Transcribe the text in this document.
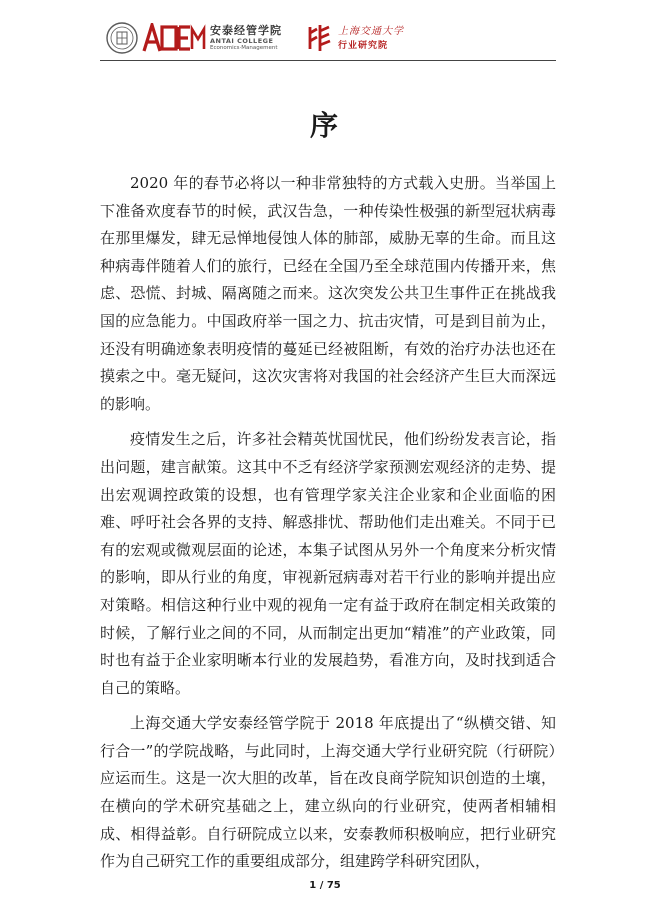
安泰经管学院
ANTAI COLLEGE
Economics·Management
上海交通大学
行业研究院
序

2020 年的春节必将以一种非常独特的方式载入史册。当举国上下准备欢度春节的时候，武汉告急，一种传染性极强的新型冠状病毒在那里爆发，肆无忌惮地侵蚀人体的肺部，威胁无辜的生命。而且这种病毒伴随着人们的旅行，已经在全国乃至全球范围内传播开来，焦虑、恐慌、封城、隔离随之而来。这次突发公共卫生事件正在挑战我国的应急能力。中国政府举一国之力、抗击灾情，可是到目前为止，还没有明确迹象表明疫情的蔓延已经被阻断，有效的治疗办法也还在摸索之中。毫无疑问，这次灾害将对我国的社会经济产生巨大而深远的影响。

疫情发生之后，许多社会精英忧国忧民，他们纷纷发表言论，指出问题，建言献策。这其中不乏有经济学家预测宏观经济的走势、提出宏观调控政策的设想，也有管理学家关注企业家和企业面临的困难、呼吁社会各界的支持、解惑排忧、帮助他们走出难关。不同于已有的宏观或微观层面的论述，本集子试图从另外一个角度来分析灾情的影响，即从行业的角度，审视新冠病毒对若干行业的影响并提出应对策略。相信这种行业中观的视角一定有益于政府在制定相关政策的时候，了解行业之间的不同，从而制定出更加“精准”的产业政策，同时也有益于企业家明晰本行业的发展趋势，看准方向，及时找到适合自己的策略。

上海交通大学安泰经管学院于 2018 年底提出了“纵横交错、知行合一”的学院战略，与此同时，上海交通大学行业研究院（行研院）应运而生。这是一次大胆的改革，旨在改良商学院知识创造的土壤，在横向的学术研究基础之上，建立纵向的行业研究，使两者相辅相成、相得益彰。自行研院成立以来，安泰教师积极响应，把行业研究作为自己研究工作的重要组成部分，组建跨学科研究团队，

1 / 75
